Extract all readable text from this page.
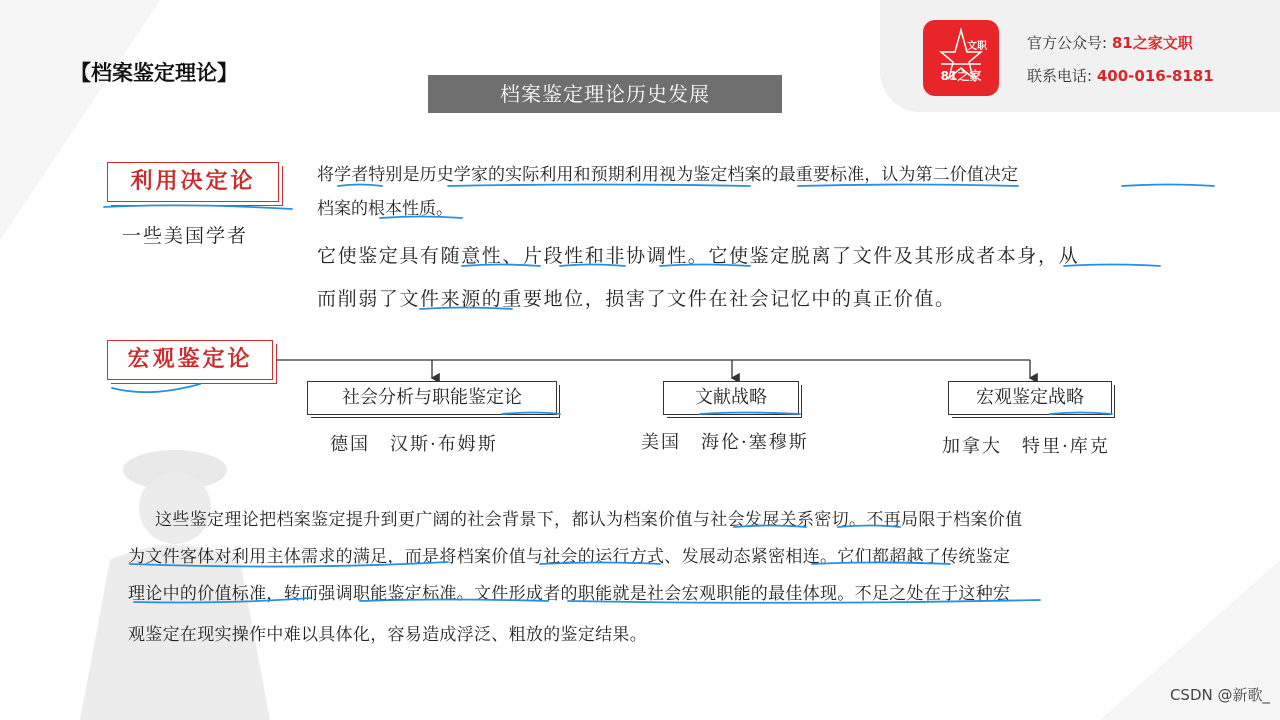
文职
81之家
官方公众号: 81之家文职
联系电话: 400-016-8181
【档案鉴定理论】
档案鉴定理论历史发展
利用决定论
一些美国学者
将学者特别是历史学家的实际利用和预期利用视为鉴定档案的最重要标准，认为第二价值决定
档案的根本性质。
它使鉴定具有随意性、片段性和非协调性。它使鉴定脱离了文件及其形成者本身，从
而削弱了文件来源的重要地位，损害了文件在社会记忆中的真正价值。
宏观鉴定论
社会分析与职能鉴定论	文献战略	宏观鉴定战略
德国　汉斯·布姆斯	美国　海伦·塞穆斯	加拿大　特里·库克
这些鉴定理论把档案鉴定提升到更广阔的社会背景下，都认为档案价值与社会发展关系密切。不再局限于档案价值
为文件客体对利用主体需求的满足，而是将档案价值与社会的运行方式、发展动态紧密相连。它们都超越了传统鉴定
理论中的价值标准，转而强调职能鉴定标准。文件形成者的职能就是社会宏观职能的最佳体现。不足之处在于这种宏
观鉴定在现实操作中难以具体化，容易造成浮泛、粗放的鉴定结果。
CSDN @新歌_
